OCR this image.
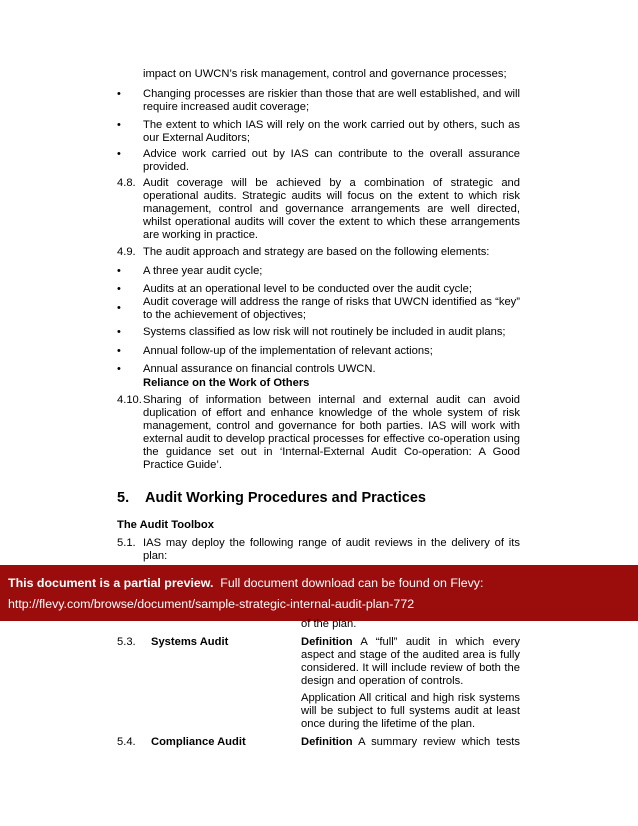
impact on UWCN’s risk management, control and governance processes;
• Changing processes are riskier than those that are well established, and will
require increased audit coverage;
• The extent to which IAS will rely on the work carried out by others, such as
our External Auditors;
• Advice work carried out by IAS can contribute to the overall assurance
provided.
4.8. Audit coverage will be achieved by a combination of strategic and
operational audits. Strategic audits will focus on the extent to which risk
management, control and governance arrangements are well directed,
whilst operational audits will cover the extent to which these arrangements
are working in practice.
4.9. The audit approach and strategy are based on the following elements:
• A three year audit cycle;
• Audits at an operational level to be conducted over the audit cycle;
• Audit coverage will address the range of risks that UWCN identified as “key”
to the achievement of objectives;
• Systems classified as low risk will not routinely be included in audit plans;
• Annual follow-up of the implementation of relevant actions;
• Annual assurance on financial controls UWCN.
Reliance on the Work of Others
4.10. Sharing of information between internal and external audit can avoid
duplication of effort and enhance knowledge of the whole system of risk
management, control and governance for both parties. IAS will work with
external audit to develop practical processes for effective co-operation using
the guidance set out in ‘Internal-External Audit Co-operation: A Good
Practice Guide’.
5. Audit Working Procedures and Practices
The Audit Toolbox
5.1. IAS may deploy the following range of audit reviews in the delivery of its
plan:
This document is a partial preview.  Full document download can be found on Flevy:
http://flevy.com/browse/document/sample-strategic-internal-audit-plan-772
of the plan.
5.3. Systems Audit	Definition A “full” audit in which every
aspect and stage of the audited area is fully
considered. It will include review of both the
design and operation of controls.
Application All critical and high risk systems
will be subject to full systems audit at least
once during the lifetime of the plan.
5.4. Compliance Audit	Definition A summary review which tests
